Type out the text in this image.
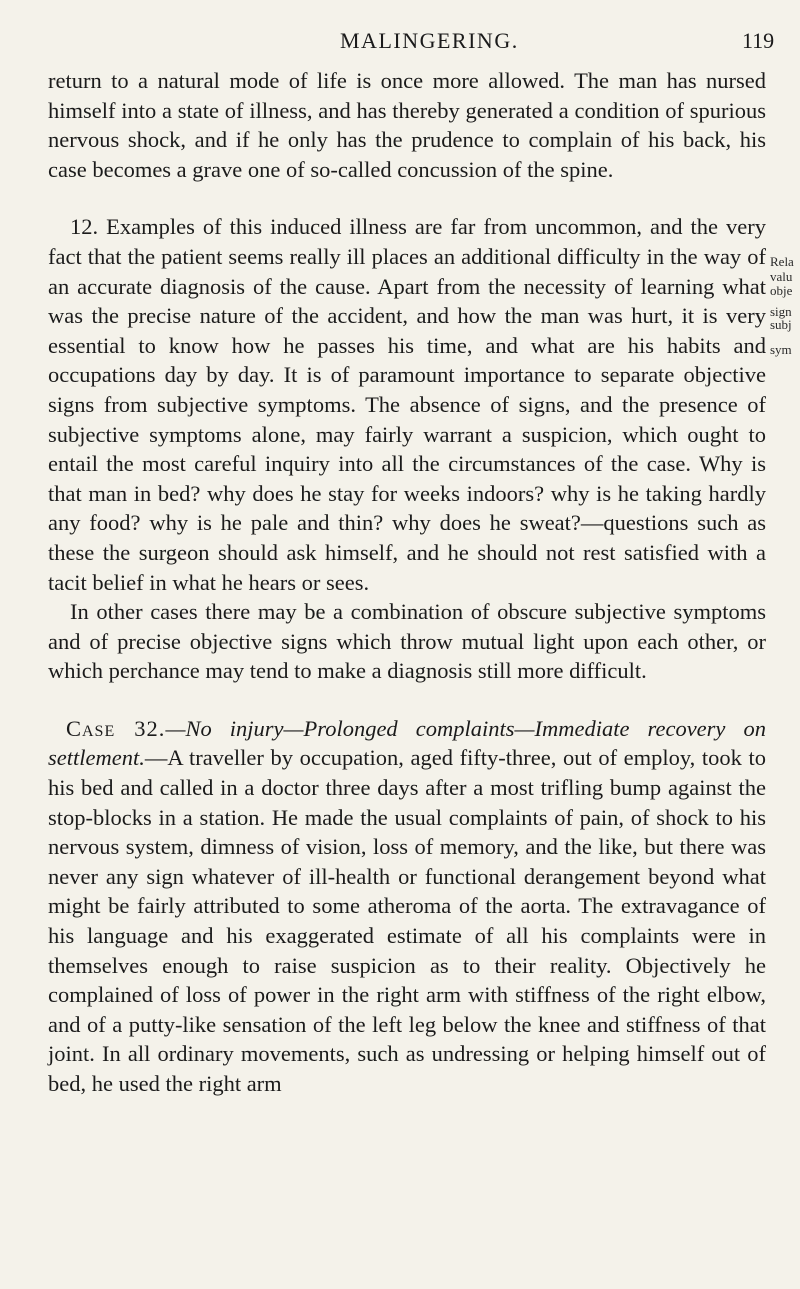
MALINGERING.	119

return to a natural mode of life is once more allowed. The man has nursed himself into a state of illness, and has thereby generated a condition of spurious nervous shock, and if he only has the prudence to complain of his back, his case becomes a grave one of so-called concussion of the spine.

12. Examples of this induced illness are far from uncommon, and the very fact that the patient seems really ill places an additional difficulty in the way of an accurate diagnosis of the cause. Apart from the necessity of learning what was the precise nature of the accident, and how the man was hurt, it is very essential to know how he passes his time, and what are his habits and occupations day by day. It is of paramount importance to separate objective signs from subjective symptoms. The absence of signs, and the presence of subjective symptoms alone, may fairly warrant a suspicion, which ought to entail the most careful inquiry into all the circumstances of the case. Why is that man in bed? why does he stay for weeks indoors? why is he taking hardly any food? why is he pale and thin? why does he sweat?—questions such as these the surgeon should ask himself, and he should not rest satisfied with a tacit belief in what he hears or sees.

In other cases there may be a combination of obscure subjective symptoms and of precise objective signs which throw mutual light upon each other, or which perchance may tend to make a diagnosis still more difficult.

Case 32.—No injury—Prolonged complaints—Immediate recovery on settlement.—A traveller by occupation, aged fifty-three, out of employ, took to his bed and called in a doctor three days after a most trifling bump against the stop-blocks in a station. He made the usual complaints of pain, of shock to his nervous system, dimness of vision, loss of memory, and the like, but there was never any sign whatever of ill-health or functional derangement beyond what might be fairly attributed to some atheroma of the aorta. The extravagance of his language and his exaggerated estimate of all his complaints were in themselves enough to raise suspicion as to their reality. Objectively he complained of loss of power in the right arm with stiffness of the right elbow, and of a putty-like sensation of the left leg below the knee and stiffness of that joint. In all ordinary movements, such as undressing or helping himself out of bed, he used the right arm

Rela
valu
obje
sign
subj
sym
